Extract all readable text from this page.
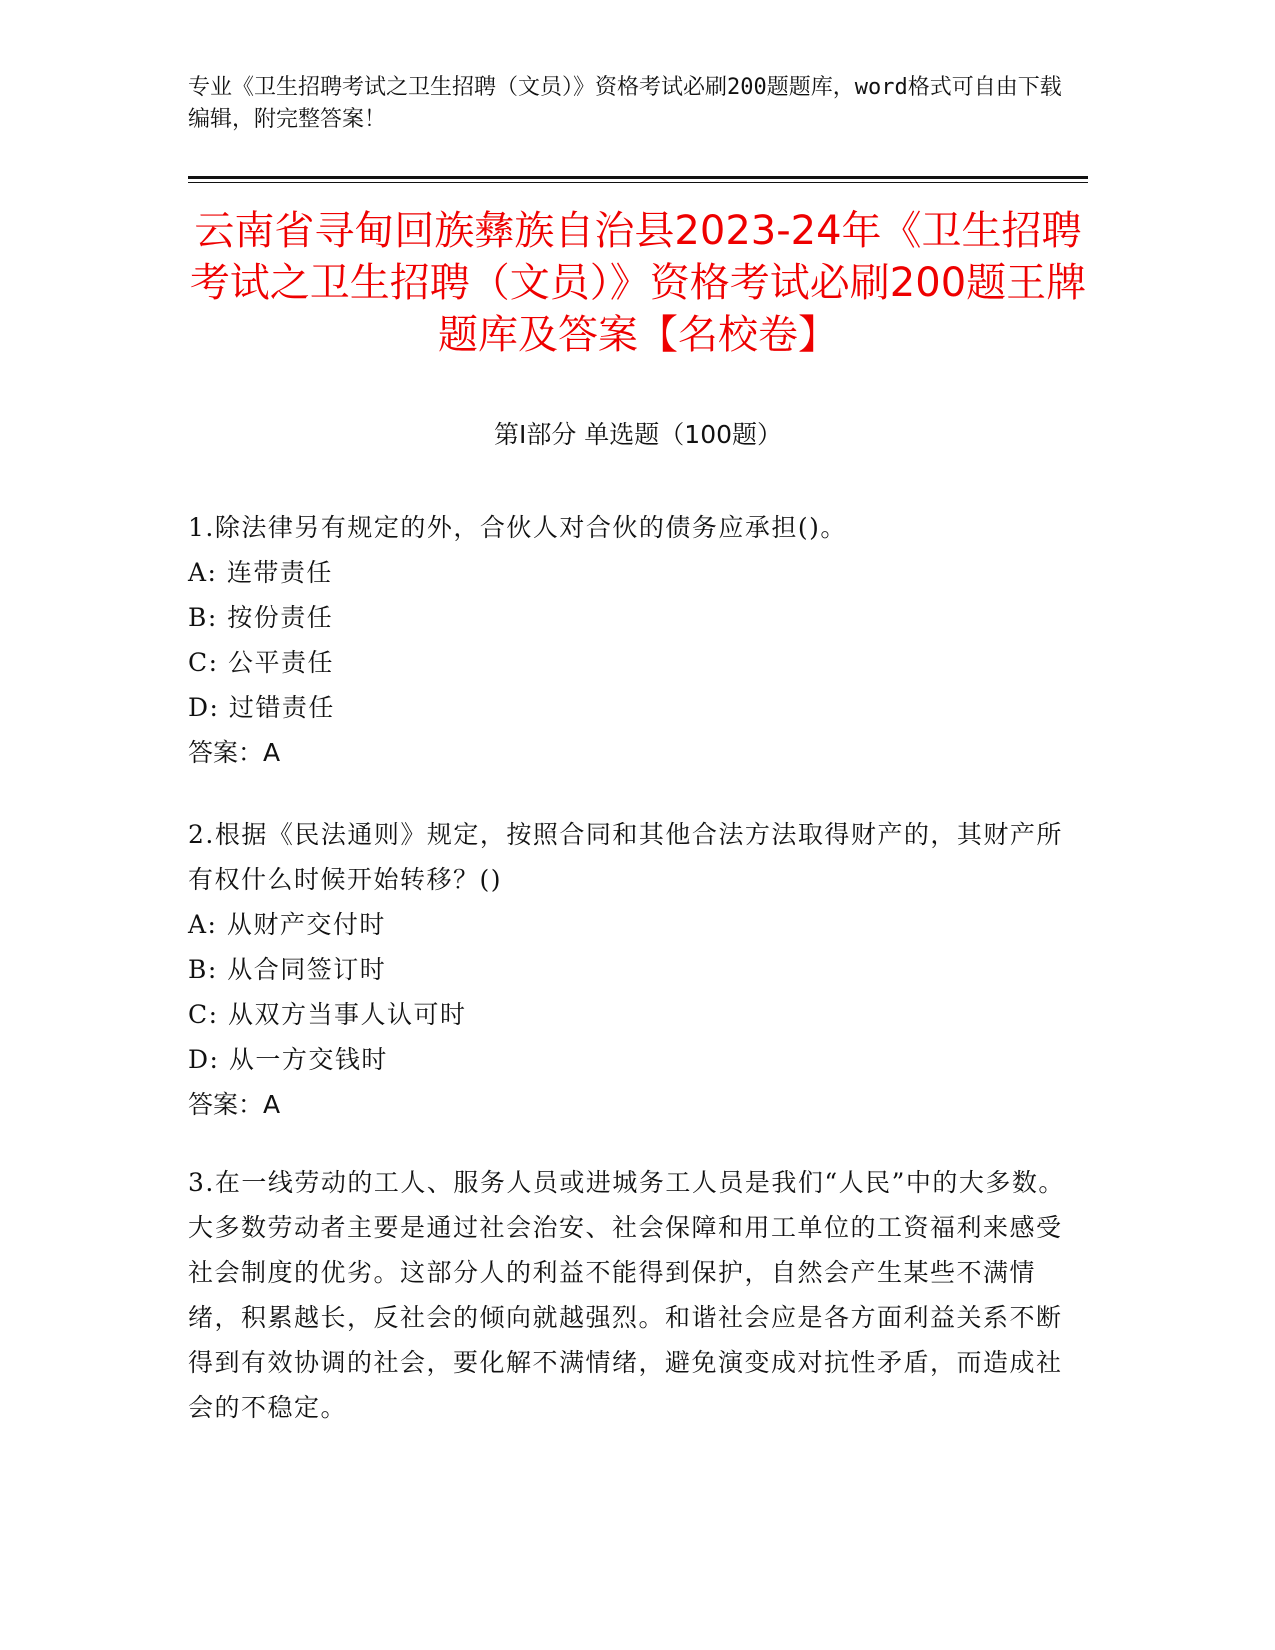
专业《卫生招聘考试之卫生招聘（文员）》资格考试必刷200题题库，word格式可自由下载编辑，附完整答案！
云南省寻甸回族彝族自治县2023-24年《卫生招聘考试之卫生招聘（文员）》资格考试必刷200题王牌题库及答案【名校卷】
第Ⅰ部分 单选题（100题）
1.除法律另有规定的外，合伙人对合伙的债务应承担()。
A: 连带责任
B: 按份责任
C: 公平责任
D: 过错责任
答案：A
2.根据《民法通则》规定，按照合同和其他合法方法取得财产的，其财产所有权什么时候开始转移？()
A: 从财产交付时
B: 从合同签订时
C: 从双方当事人认可时
D: 从一方交钱时
答案：A
3.在一线劳动的工人、服务人员或进城务工人员是我们“人民”中的大多数。大多数劳动者主要是通过社会治安、社会保障和用工单位的工资福利来感受社会制度的优劣。这部分人的利益不能得到保护，自然会产生某些不满情绪，积累越长，反社会的倾向就越强烈。和谐社会应是各方面利益关系不断得到有效协调的社会，要化解不满情绪，避免演变成对抗性矛盾，而造成社会的不稳定。
